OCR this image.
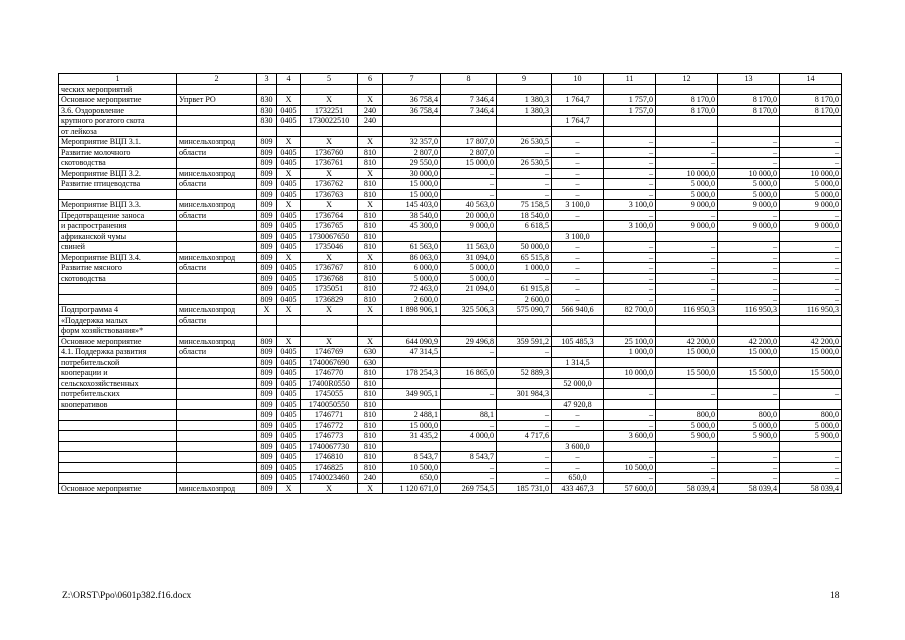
1	2	3	4	5	6	7	8	9	10	11	12	13	14
ческих мероприятий													
Основное мероприятие	Упрвет РО	830	Х	Х	Х	36 758,4	7 346,4	1 380,3	1 764,7	1 757,0	8 170,0	8 170,0	8 170,0
3.6. Оздоровление		830	0405	1732251	240	36 758,4	7 346,4	1 380,3		1 757,0	8 170,0	8 170,0	8 170,0
крупного рогатого скота		830	0405	1730022510	240				1 764,7				
от лейкоза													
Мероприятие ВЦП 3.1.	минсельхозпрод	809	Х	Х	Х	32 357,0	17 807,0	26 530,5	–	–	–	–	–
Развитие молочного	области	809	0405	1736760	810	2 807,0	2 807,0	–	–	–	–	–	–
скотоводства		809	0405	1736761	810	29 550,0	15 000,0	26 530,5	–	–	–	–	–
Мероприятие ВЦП 3.2.	минсельхозпрод	809	Х	Х	Х	30 000,0	–	–	–	–	10 000,0	10 000,0	10 000,0
Развитие птицеводства	области	809	0405	1736762	810	15 000,0	–	–	–	–	5 000,0	5 000,0	5 000,0
		809	0405	1736763	810	15 000,0	–	–	–	–	5 000,0	5 000,0	5 000,0
Мероприятие ВЦП 3.3.	минсельхозпрод	809	Х	Х	Х	145 403,0	40 563,0	75 158,5	3 100,0	3 100,0	9 000,0	9 000,0	9 000,0
Предотвращение заноса	области	809	0405	1736764	810	38 540,0	20 000,0	18 540,0	–	–	–	–	–
и распространения		809	0405	1736765	810	45 300,0	9 000,0	6 618,5		3 100,0	9 000,0	9 000,0	9 000,0
африканской чумы		809	0405	1730067650	810				3 100,0				
свиней		809	0405	1735046	810	61 563,0	11 563,0	50 000,0	–	–	–	–	–
Мероприятие ВЦП 3.4.	минсельхозпрод	809	Х	Х	Х	86 063,0	31 094,0	65 515,8	–	–	–	–	–
Развитие мясного	области	809	0405	1736767	810	6 000,0	5 000,0	1 000,0	–	–	–	–	–
скотоводства		809	0405	1736768	810	5 000,0	5 000,0	–	–	–	–	–	–
		809	0405	1735051	810	72 463,0	21 094,0	61 915,8	–	–	–	–	–
		809	0405	1736829	810	2 600,0	–	2 600,0	–	–	–	–	–
Подпрограмма 4	минсельхозпрод	Х	Х	Х	Х	1 898 906,1	325 506,3	575 090,7	566 940,6	82 700,0	116 950,3	116 950,3	116 950,3
«Поддержка малых	области												
форм хозяйствования»*													
Основное мероприятие	минсельхозпрод	809	Х	Х	Х	644 090,9	29 496,8	359 591,2	105 485,3	25 100,0	42 200,0	42 200,0	42 200,0
4.1. Поддержка развития	области	809	0405	1746769	630	47 314,5	–	–		1 000,0	15 000,0	15 000,0	15 000,0
потребительской		809	0405	1740067690	630				1 314,5				
кооперации и		809	0405	1746770	810	178 254,3	16 865,0	52 889,3		10 000,0	15 500,0	15 500,0	15 500,0
сельскохозяйственных		809	0405	17400R0550	810				52 000,0				
потребительских		809	0405	1745055	810	349 905,1	–	301 984,3		–	–	–	–
кооперативов		809	0405	1740050550	810				47 920,8				
		809	0405	1746771	810	2 488,1	88,1	–	–	–	800,0	800,0	800,0
		809	0405	1746772	810	15 000,0	–	–	–	–	5 000,0	5 000,0	5 000,0
		809	0405	1746773	810	31 435,2	4 000,0	4 717,6		3 600,0	5 900,0	5 900,0	5 900,0
		809	0405	1740067730	810				3 600,0				
		809	0405	1746810	810	8 543,7	8 543,7	–	–	–	–	–	–
		809	0405	1746825	810	10 500,0	–	–	–	10 500,0	–	–	–
		809	0405	1740023460	240	650,0	–	–	650,0	–	–	–	–
Основное мероприятие	минсельхозпрод	809	Х	Х	Х	1 120 671,0	269 754,5	185 731,0	433 467,3	57 600,0	58 039,4	58 039,4	58 039,4
Z:\ORST\Ppo\0601p382.f16.docx	18
